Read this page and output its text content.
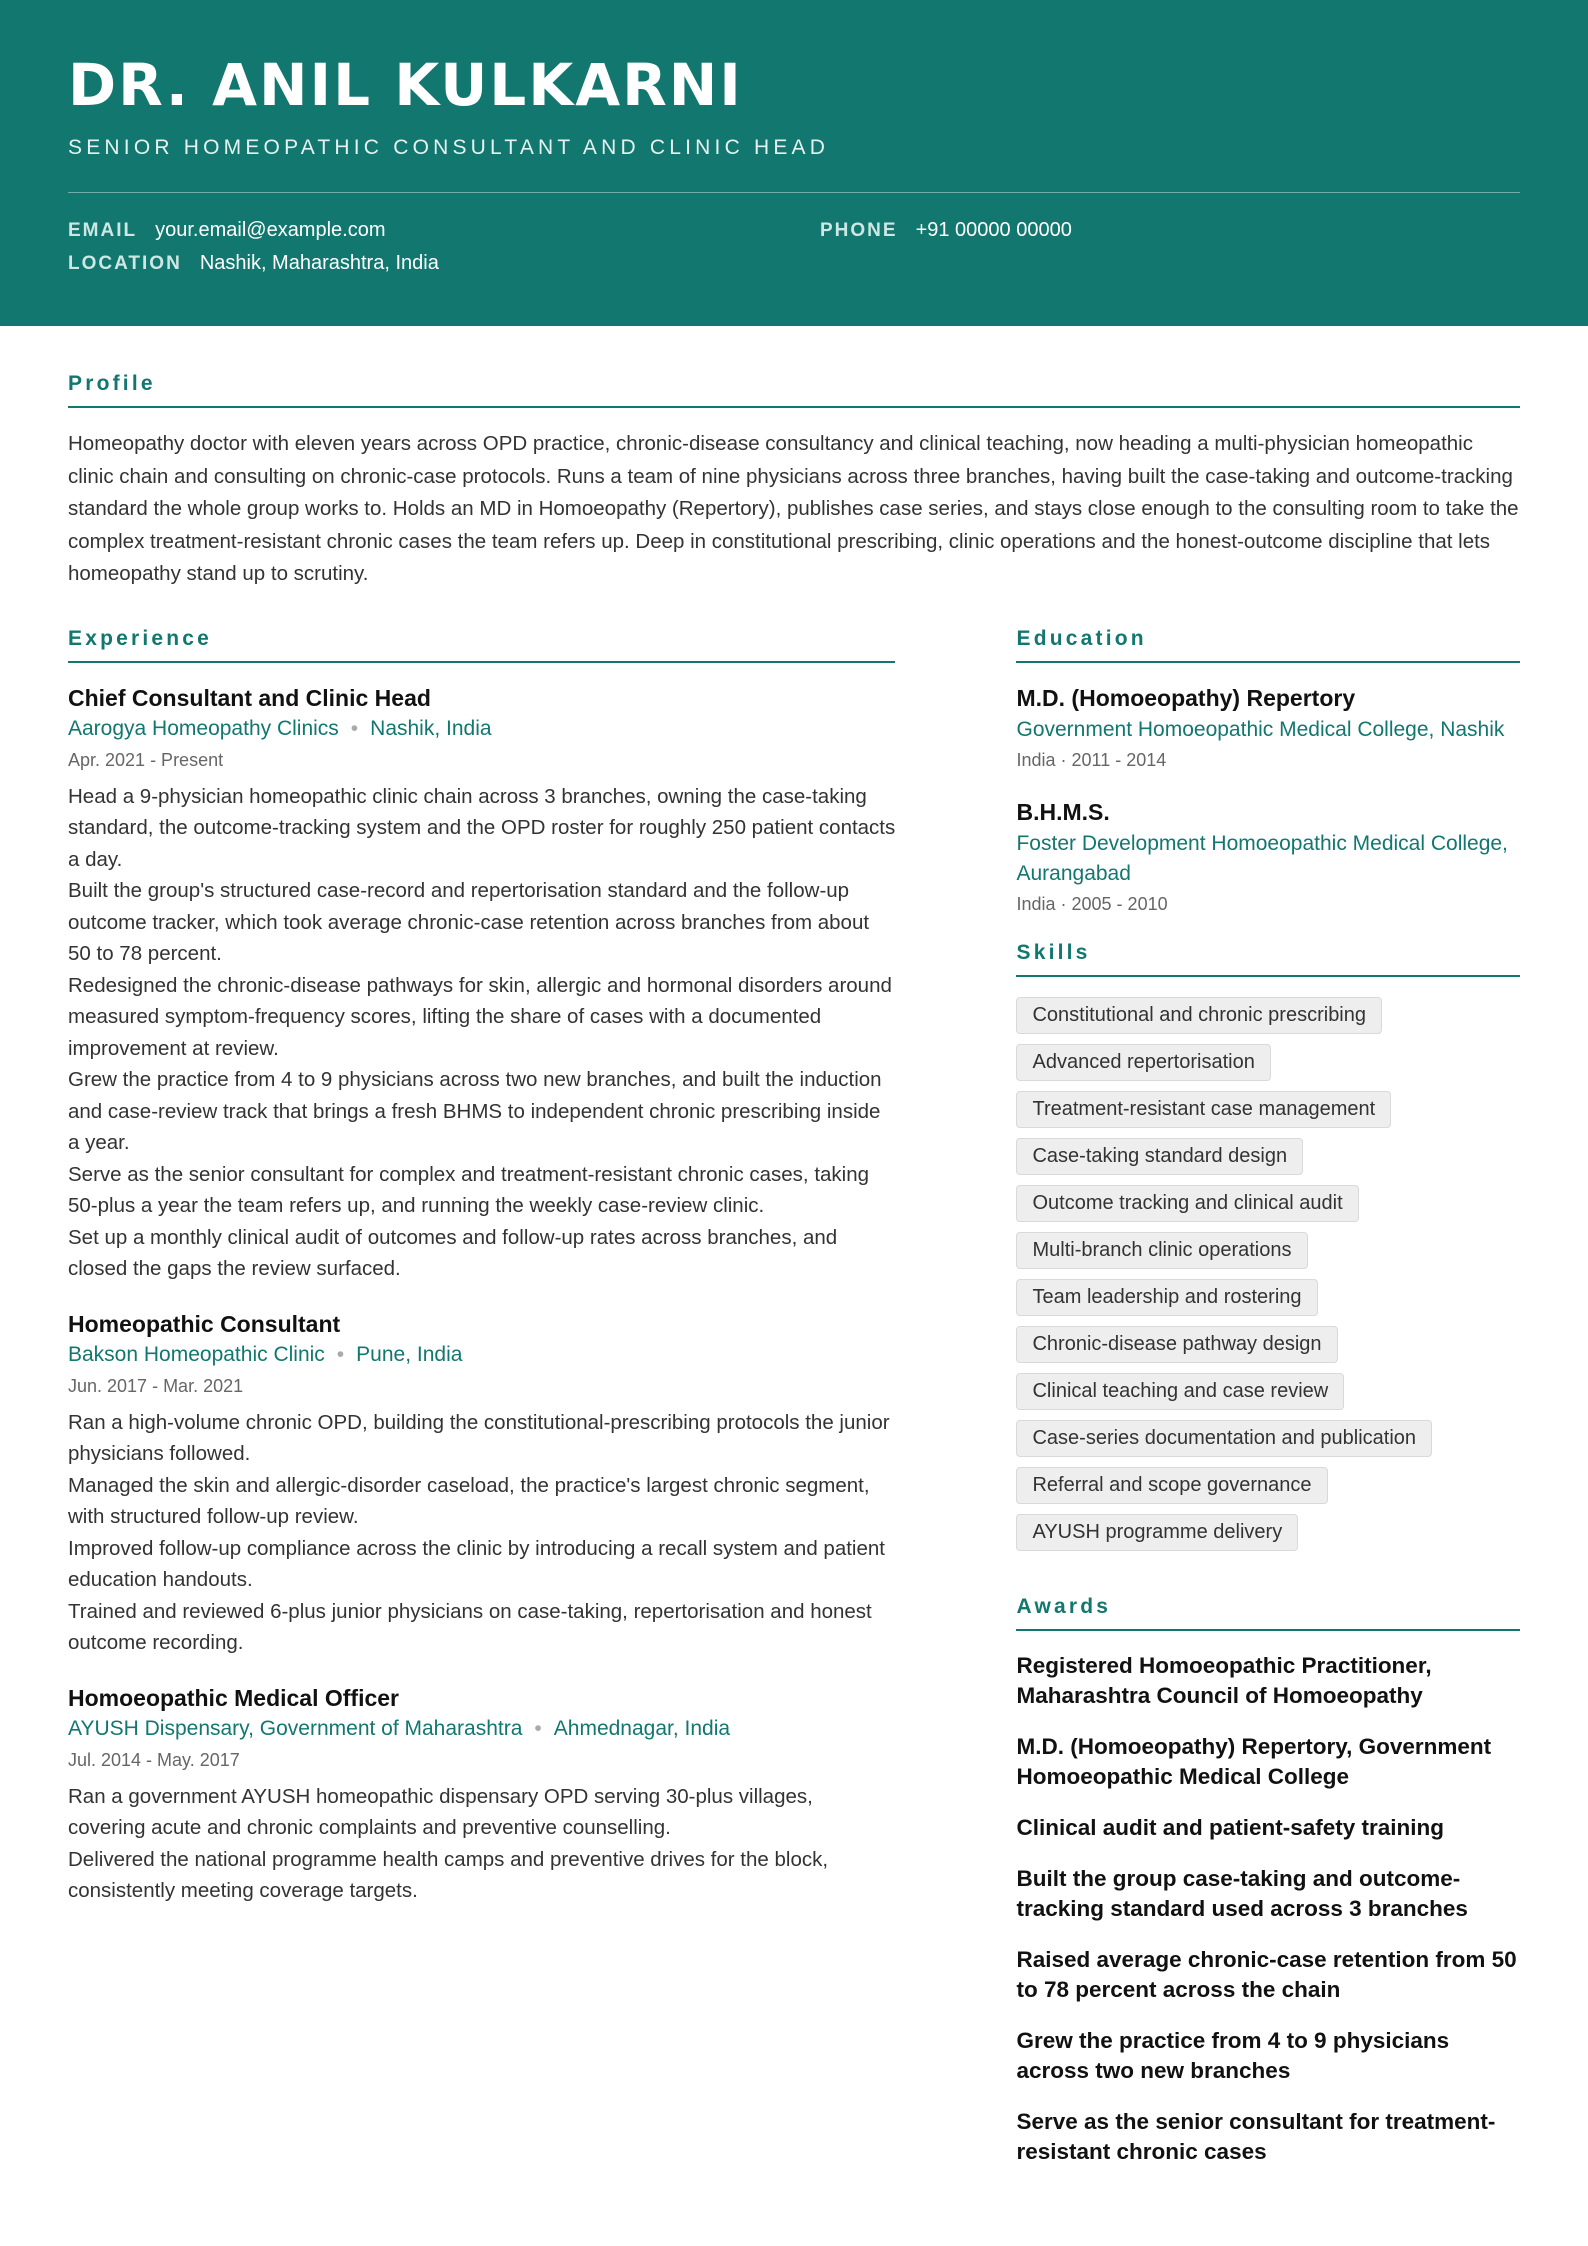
DR. ANIL KULKARNI
SENIOR HOMEOPATHIC CONSULTANT AND CLINIC HEAD
EMAIL your.email@example.com	PHONE +91 00000 00000
LOCATION Nashik, Maharashtra, India
Profile

Homeopathy doctor with eleven years across OPD practice, chronic-disease consultancy and clinical teaching, now heading a multi-physician homeopathic clinic chain and consulting on chronic-case protocols. Runs a team of nine physicians across three branches, having built the case-taking and outcome-tracking standard the whole group works to. Holds an MD in Homoeopathy (Repertory), publishes case series, and stays close enough to the consulting room to take the complex treatment-resistant chronic cases the team refers up. Deep in constitutional prescribing, clinic operations and the honest-outcome discipline that lets homeopathy stand up to scrutiny.

Experience
Chief Consultant and Clinic Head
Aarogya Homeopathy Clinics • Nashik, India
Apr. 2021 - Present
Head a 9-physician homeopathic clinic chain across 3 branches, owning the case-taking standard, the outcome-tracking system and the OPD roster for roughly 250 patient contacts a day.
Built the group's structured case-record and repertorisation standard and the follow-up outcome tracker, which took average chronic-case retention across branches from about 50 to 78 percent.
Redesigned the chronic-disease pathways for skin, allergic and hormonal disorders around measured symptom-frequency scores, lifting the share of cases with a documented improvement at review.
Grew the practice from 4 to 9 physicians across two new branches, and built the induction and case-review track that brings a fresh BHMS to independent chronic prescribing inside a year.
Serve as the senior consultant for complex and treatment-resistant chronic cases, taking 50-plus a year the team refers up, and running the weekly case-review clinic.
Set up a monthly clinical audit of outcomes and follow-up rates across branches, and closed the gaps the review surfaced.
Homeopathic Consultant
Bakson Homeopathic Clinic • Pune, India
Jun. 2017 - Mar. 2021
Ran a high-volume chronic OPD, building the constitutional-prescribing protocols the junior physicians followed.
Managed the skin and allergic-disorder caseload, the practice's largest chronic segment, with structured follow-up review.
Improved follow-up compliance across the clinic by introducing a recall system and patient education handouts.
Trained and reviewed 6-plus junior physicians on case-taking, repertorisation and honest outcome recording.
Homoeopathic Medical Officer
AYUSH Dispensary, Government of Maharashtra • Ahmednagar, India
Jul. 2014 - May. 2017
Ran a government AYUSH homeopathic dispensary OPD serving 30-plus villages, covering acute and chronic complaints and preventive counselling.
Delivered the national programme health camps and preventive drives for the block, consistently meeting coverage targets.
Education
M.D. (Homoeopathy) Repertory
Government Homoeopathic Medical College, Nashik
India · 2011 - 2014
B.H.M.S.
Foster Development Homoeopathic Medical College, Aurangabad
India · 2005 - 2010
Skills
Constitutional and chronic prescribing
Advanced repertorisation
Treatment-resistant case management
Case-taking standard design
Outcome tracking and clinical audit
Multi-branch clinic operations
Team leadership and rostering
Chronic-disease pathway design
Clinical teaching and case review
Case-series documentation and publication
Referral and scope governance
AYUSH programme delivery
Awards
Registered Homoeopathic Practitioner, Maharashtra Council of Homoeopathy
M.D. (Homoeopathy) Repertory, Government Homoeopathic Medical College
Clinical audit and patient-safety training
Built the group case-taking and outcome-tracking standard used across 3 branches
Raised average chronic-case retention from 50 to 78 percent across the chain
Grew the practice from 4 to 9 physicians across two new branches
Serve as the senior consultant for treatment-resistant chronic cases
